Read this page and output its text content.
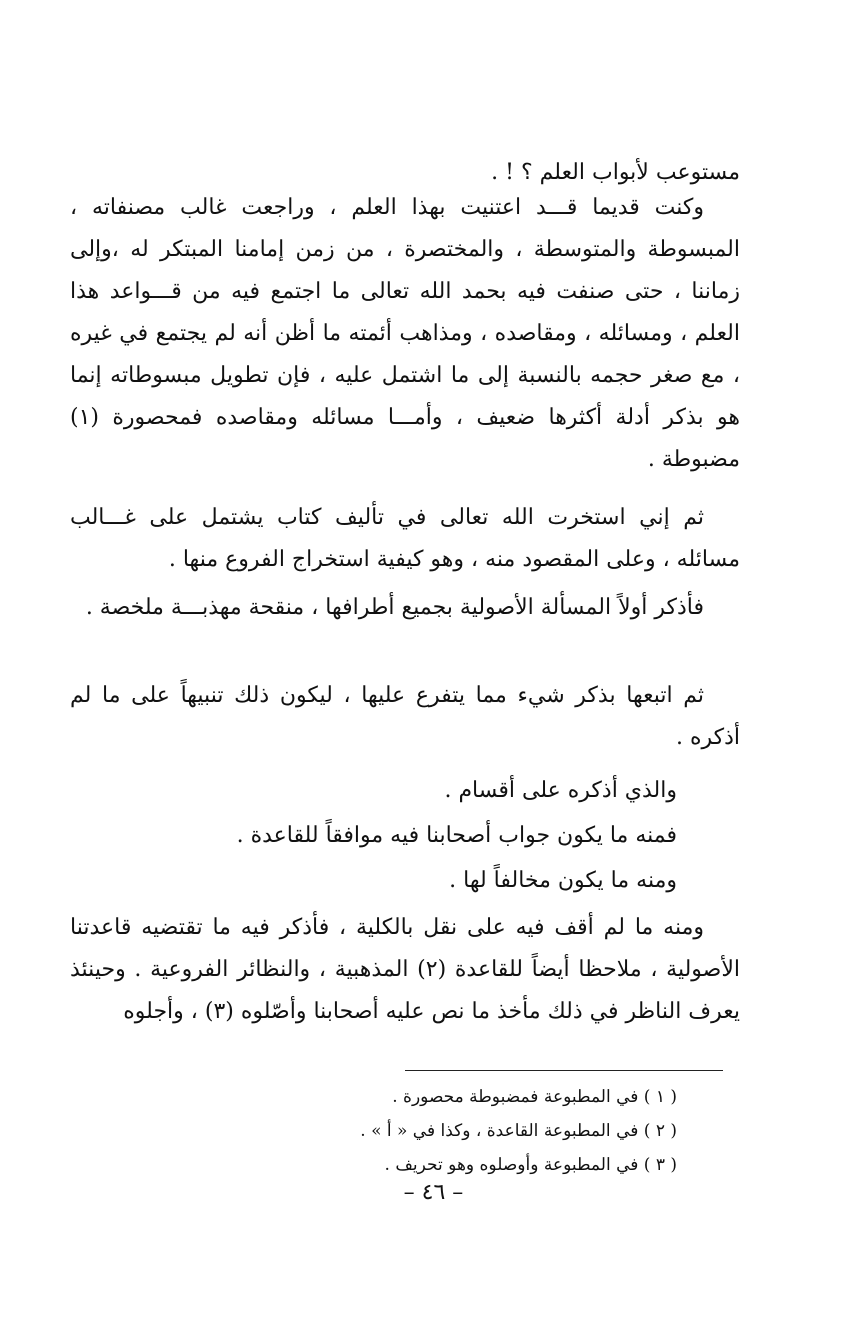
مستوعب لأبواب العلم ؟ ! .

وكنت قديما قـــد اعتنيت بهذا العلم ، وراجعت غالب مصنفاته ، المبسوطة والمتوسطة ، والمختصرة ، من زمن إمامنا المبتكر له ،وإلى زماننا ، حتى صنفت فيه بحمد الله تعالى ما اجتمع فيه من قـــواعد هذا العلم ، ومسائله ، ومقاصده ، ومذاهب أئمته ما أظن أنه لم يجتمع في غيره ، مع صغر حجمه بالنسبة إلى ما اشتمل عليه ، فإن تطويل مبسوطاته إنما هو بذكر أدلة أكثرها ضعيف ، وأمـــا مسائله ومقاصده فمحصورة (١) مضبوطة .

ثم إني استخرت الله تعالى في تأليف كتاب يشتمل على غـــالب مسائله ، وعلى المقصود منه ، وهو كيفية استخراج الفروع منها .

فأذكر أولاً المسألة الأصولية بجميع أطرافها ، منقحة مهذبـــة ملخصة .

ثم اتبعها بذكر شيء مما يتفرع عليها ، ليكون ذلك تنبيهاً على ما لم أذكره .

والذي أذكره على أقسام .

فمنه ما يكون جواب أصحابنا فيه موافقاً للقاعدة .

ومنه ما يكون مخالفاً لها .

ومنه ما لم أقف فيه على نقل بالكلية ، فأذكر فيه ما تقتضيه قاعدتنا الأصولية ، ملاحظا أيضاً للقاعدة (٢) المذهبية ، والنظائر الفروعية . وحينئذ يعرف الناظر في ذلك مأخذ ما نص عليه أصحابنا وأصّلوه (٣) ، وأجلوه

( ١ ) في المطبوعة فمضبوطة محصورة .
( ٢ ) في المطبوعة القاعدة ، وكذا في « أ » .
( ٣ ) في المطبوعة وأوصلوه وهو تحريف .
– ٤٦ –
